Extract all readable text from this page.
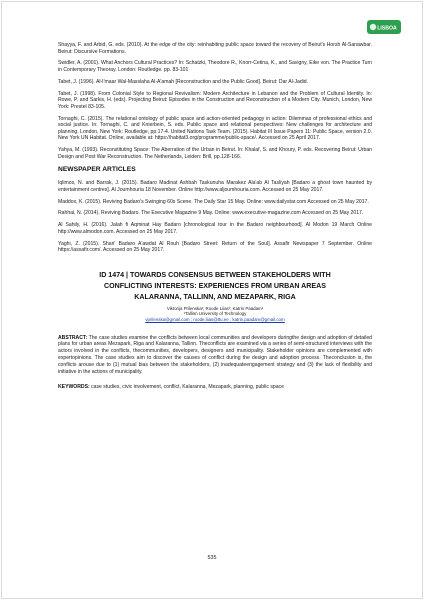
LISBOA

Shayya, F. and Arbid, G. eds. (2010). At the edge of the city: reinhabiting public space toward the recovery of Beirut's Horsh Al-Sanawbar. Beirut: Discursive Formations.

Swidler, A. (2001). What Anchors Cultural Practices? In: Schatzki, Theodore R., Knorr-Cetina, K., and Savigny, Eike von. The Practice Turn in Contemporary Theoray. London: Routledge. pp. 83-101

Tabet, J. (1996). Al-I'maar Wal-Masslaha Al-A'amah [Reconstruction and the Public Good]. Beirut: Dar Al-Jadid.

Tabet, J. (1998). From Colonial Style to Regional Revivalism: Modern Architecture in Lebanon and the Problem of Cultural Identity. In: Rowe, P. and Sarkis, H. (eds). Projecting Beirut: Episodes in the Construction and Reconstruction of a Modern City. Munich, London, New York: Prestel 83-105.

Tornaghi, C. (2015). The relational ontology of public space and action-oriented pedagogy in action: Dilemmas of professional ethics and social justice. In: Tornaghi, C. and Knierbein, S. eds. Public space and relational perspectives: New challenges for architecture and planning. London, New York: Routledge, pp.17-4. United Nations Task Team. (2015). Habitat III Issue Papers 11: Public Space, version 2.0. New York UN Habitat. Online, available at: https://habitat3.org/programme/public-space/. Accessed on 25 April 2017.

Yahya, M. (1993). Reconstituting Space: The Aberration of the Urban in Beirut. In: Khalaf, S. and Khoury, P. eds. Recovering Beirut: Urban Design and Post War Reconstruction. The Netherlands, Leiden: Brill, pp.128-166.

NEWSPAPER ARTICLES

Iqlimos, N. and Barrak, J. (2015). Badaro Madinat Ashbah Taskunuha Marakez Ala'ab Al Tasliyah [Badaro a ghost town haunted by entertainment centres]. Al Joumhouria 18 November. Online http://www.aljoumhouria.com. Accessed on 25 May 2017.

Maddox, K. (2015). Reviving Badaro's Swinging 60s Scene. The Daily Star 15 May. Online: www.dailystar.com Accessed on 25 May 2017.

Rahhal, N. (2014). Reviving Badaro. The Executive Magazine 9 May. Online: www.executive-magazine.com Accessed on 25 May 2017.

Al Sahily, H. (2016). Jalah fi Aqminat Hay Badaro [chronological tour in the Badaro neighbourhood]. Al Modon 19 March Online http://www.almodon.com. Accessed on 25 May 2017.

Yaghi, Z. (2015). Shari' Badaro A'awdat Al Rouh [Badaro Street: Return of the Soul]. Assafir Newspaper 7 September. Online https://assafir.com/. Accessed on 25 May 2017.

ID 1474 | TOWARDS CONSENSUS BETWEEN STAKEHOLDERS WITH
CONFLICTING INTERESTS: EXPERIENCES FROM URBAN AREAS
KALARANNA, TALLINN, AND MEZAPARK, RIGA
Viktorija Prilenska¹; Roode Liias¹; Katrin Paadam¹
¹Tallinn University of Technology
vprilenska@gmail.com ; roode.liias@ttu.ee ; katrin.paadam@gmail.com

ABSTRACT: The case studies examine the conflicts between local communities and developers duringthe design and adoption of detailed plans for urban areas Mezapark, Riga and Kalaranna, Tallinn. Theconflicts are examined via a series of semi-structured interviews with the actors involved in the conflicts, thecommunities, developers, designers and municipality. Stakeholder opinions are complemented with expertopinions. The case studies aim to discover the causes of conflict during the design and adoption process. Theconclusion is, the conflicts arouse due to (1) mutual bias between the stakeholders, (2) inadequateengagement strategy and (3) the lack of flexibility and initiative in the actions of municipality.

KEYWORDS: case studies, civic involvement, conflict, Kalaranna, Mezapark, planning, public space

535
